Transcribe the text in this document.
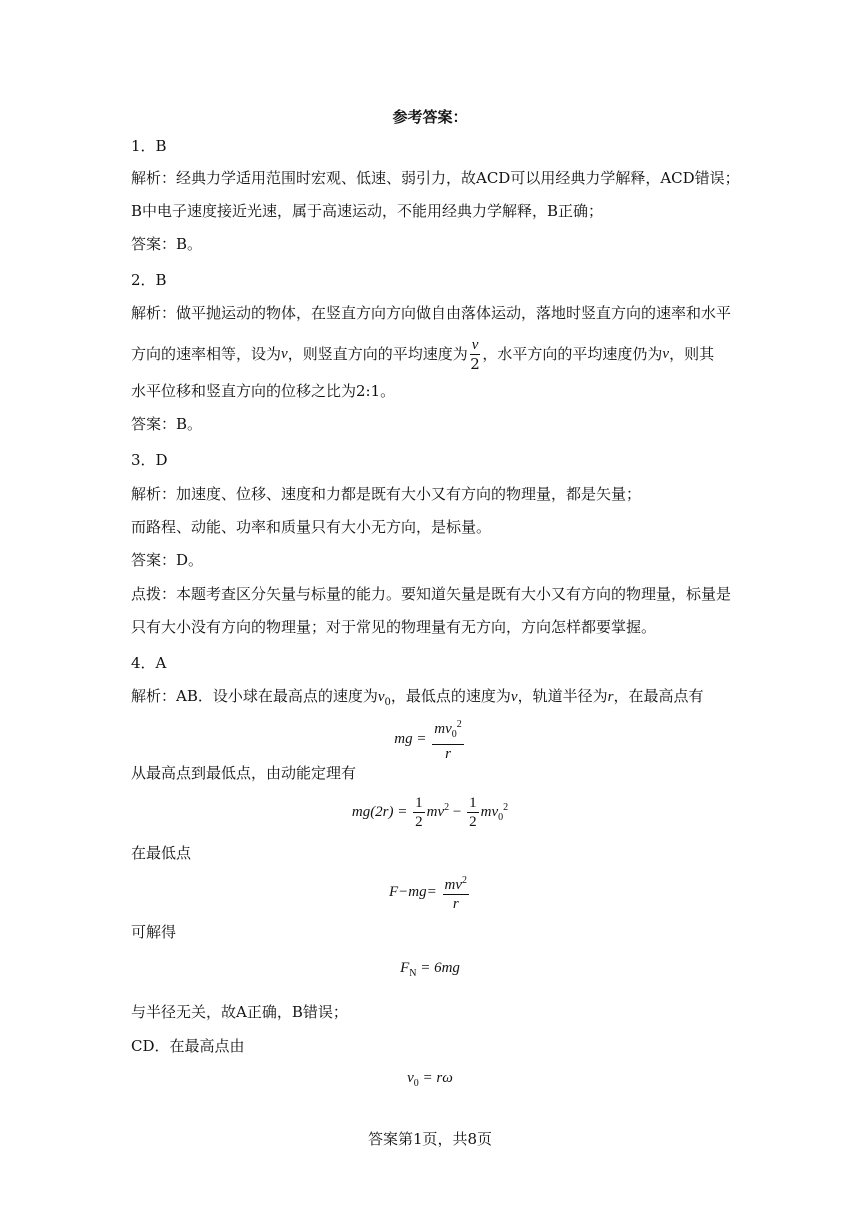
参考答案：
1．B
解析：经典力学适用范围时宏观、低速、弱引力，故ACD可以用经典力学解释，ACD错误；
B中电子速度接近光速，属于高速运动，不能用经典力学解释，B正确；
答案：B。
2．B
解析：做平抛运动的物体，在竖直方向方向做自由落体运动，落地时竖直方向的速率和水平
方向的速率相等，设为 v ，则竖直方向的平均速度为 $\frac{v}{2}$ ，水平方向的平均速度仍为 v ，则其
水平位移和竖直方向的位移之比为2:1。
答案：B。
3．D
解析：加速度、位移、速度和力都是既有大小又有方向的物理量，都是矢量；
而路程、动能、功率和质量只有大小无方向，是标量。
答案：D。
点拨：本题考查区分矢量与标量的能力。要知道矢量是既有大小又有方向的物理量，标量是
只有大小没有方向的物理量；对于常见的物理量有无方向，方向怎样都要掌握。
4．A
解析：AB．设小球在最高点的速度为$v_0$，最低点的速度为v，轨道半径为r，在最高点有
mg = $\frac{mv_0^2}{r}$
从最高点到最低点，由动能定理有
$mg(2r) = \frac{1}{2} mv^2 - \frac{1}{2} mv_0^2$
在最低点
$F-mg= \frac{mv^2}{r}$
可解得
$F_N = 6mg$
与半径无关，故A正确，B错误；
CD．在最高点由
$v_0 = r\omega$
答案第1页，共8页
